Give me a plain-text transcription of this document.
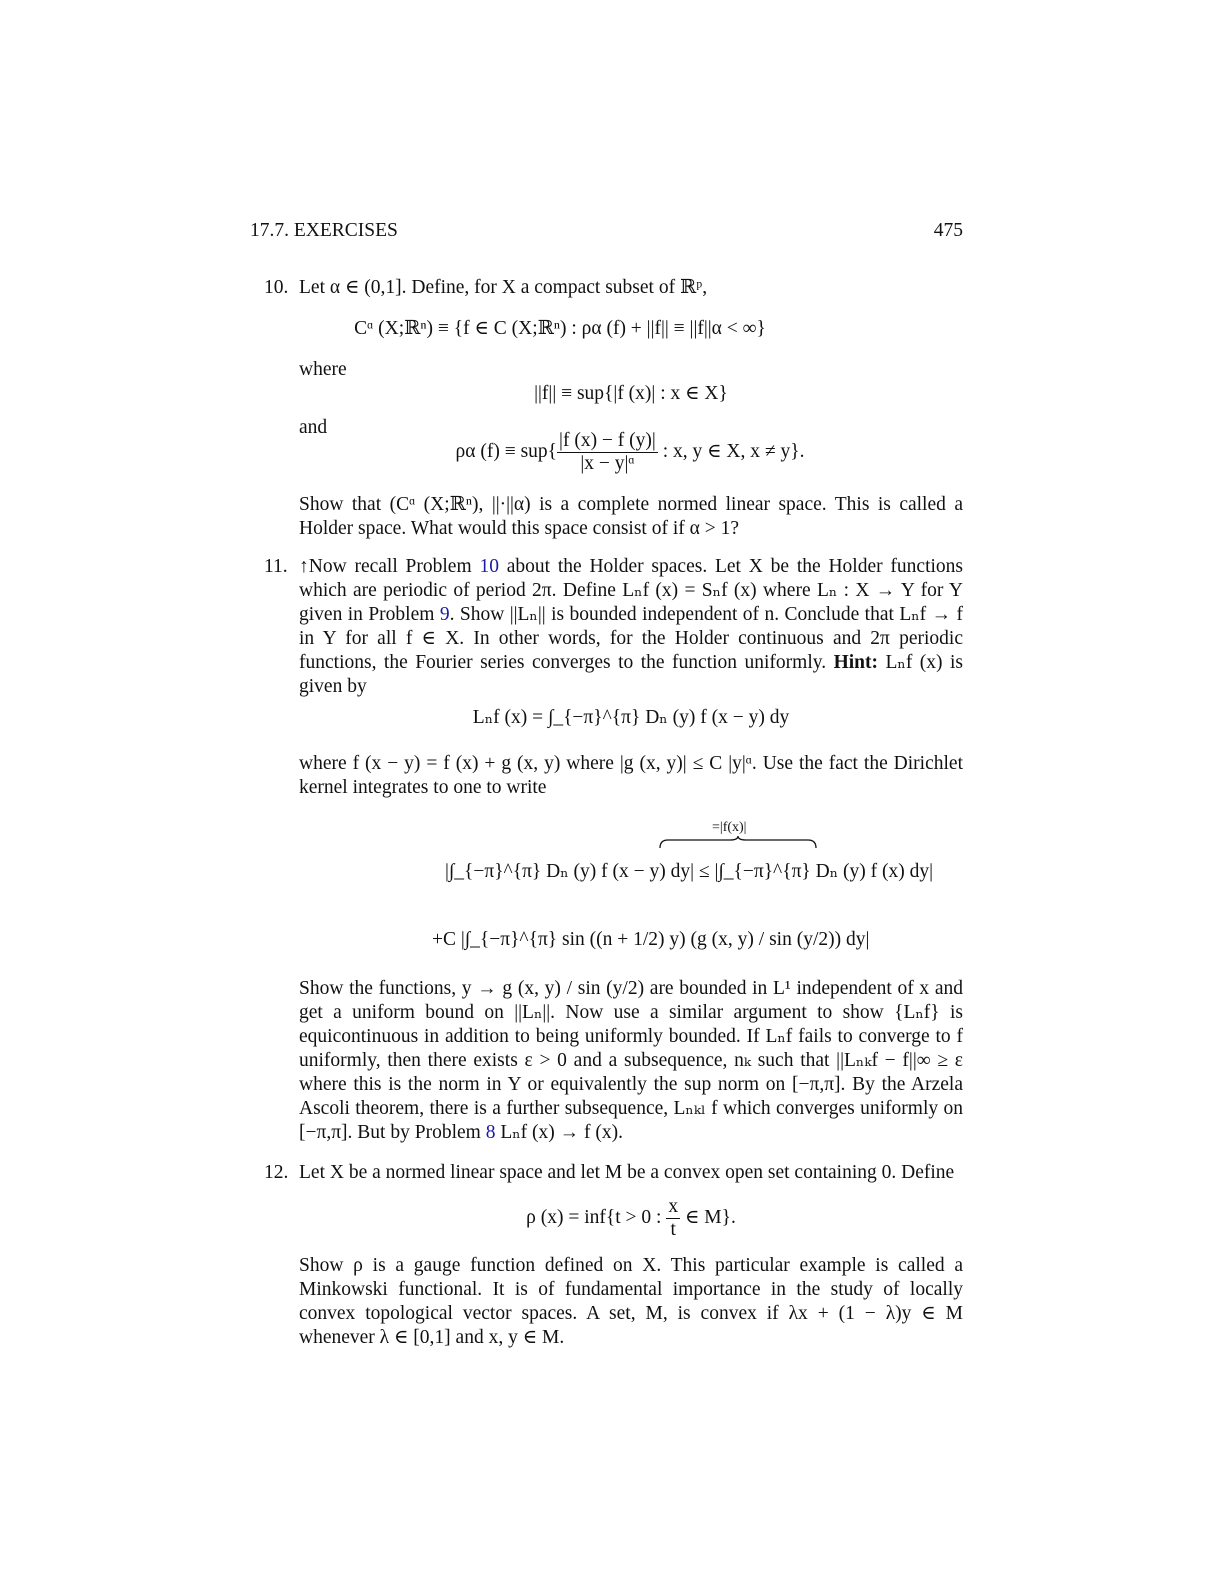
17.7. EXERCISES	475
10. Let α ∈ (0,1]. Define, for X a compact subset of ℝᵖ,
Cᵅ (X;ℝⁿ) ≡ {f ∈ C (X;ℝⁿ) : ρα (f) + ||f|| ≡ ||f||α < ∞}
where
||f|| ≡ sup{|f (x)| : x ∈ X}
and
ρα $(f) \equiv sup\{ \frac{|f (x) - f (y)|}{\text{|x − y|ᵅ}}$ : x, y ∈ X, x ≠ y}.
Show that (Cᵅ (X;ℝⁿ), ||·||α) is a complete normed linear space. This is called a Holder space. What would this space consist of if α > 1?
11. ↑Now recall Problem 10 about the Holder spaces. Let X be the Holder functions which are periodic of period 2π. Define Lₙf (x) = Sₙf (x) where Lₙ : X → Y for Y given in Problem 9. Show ||Lₙ|| is bounded independent of n. Conclude that Lₙf → f in Y for all f ∈ X. In other words, for the Holder continuous and 2π periodic functions, the Fourier series converges to the function uniformly. Hint: Lₙf (x) is given by
Lₙf (x) = ∫_{−π}^{π} Dₙ (y) f (x − y) dy
where f (x − y) = f (x) + g (x, y) where |g (x, y)| ≤ C |y|ᵅ. Use the fact the Dirichlet kernel integrates to one to write
=|f(x)|
|∫_{−π}^{π} Dₙ (y) f (x − y) dy| ≤ |∫_{−π}^{π} Dₙ (y) f (x) dy|
+C |∫_{−π}^{π} sin ((n + 1/2) y) (g (x, y) / sin (y/2)) dy|
Show the functions, y → g (x, y) / sin (y/2) are bounded in L¹ independent of x and get a uniform bound on ||Lₙ||. Now use a similar argument to show {Lₙf} is equicontinuous in addition to being uniformly bounded. If Lₙf fails to converge to f uniformly, then there exists ε > 0 and a subsequence, nₖ such that ||Lₙₖf − f||∞ ≥ ε where this is the norm in Y or equivalently the sup norm on [−π,π]. By the Arzela Ascoli theorem, there is a further subsequence, Lₙₖₗ f which converges uniformly on [−π,π]. But by Problem 8 Lₙf (x) → f (x).
12. Let X be a normed linear space and let M be a convex open set containing 0. Define
ρ (x) = inf{t > 0 : $\frac{x}{t}$ ∈ M}.
Show ρ is a gauge function defined on X. This particular example is called a Minkowski functional. It is of fundamental importance in the study of locally convex topological vector spaces. A set, M, is convex if λx + (1 − λ)y ∈ M whenever λ ∈ [0,1] and x, y ∈ M.
